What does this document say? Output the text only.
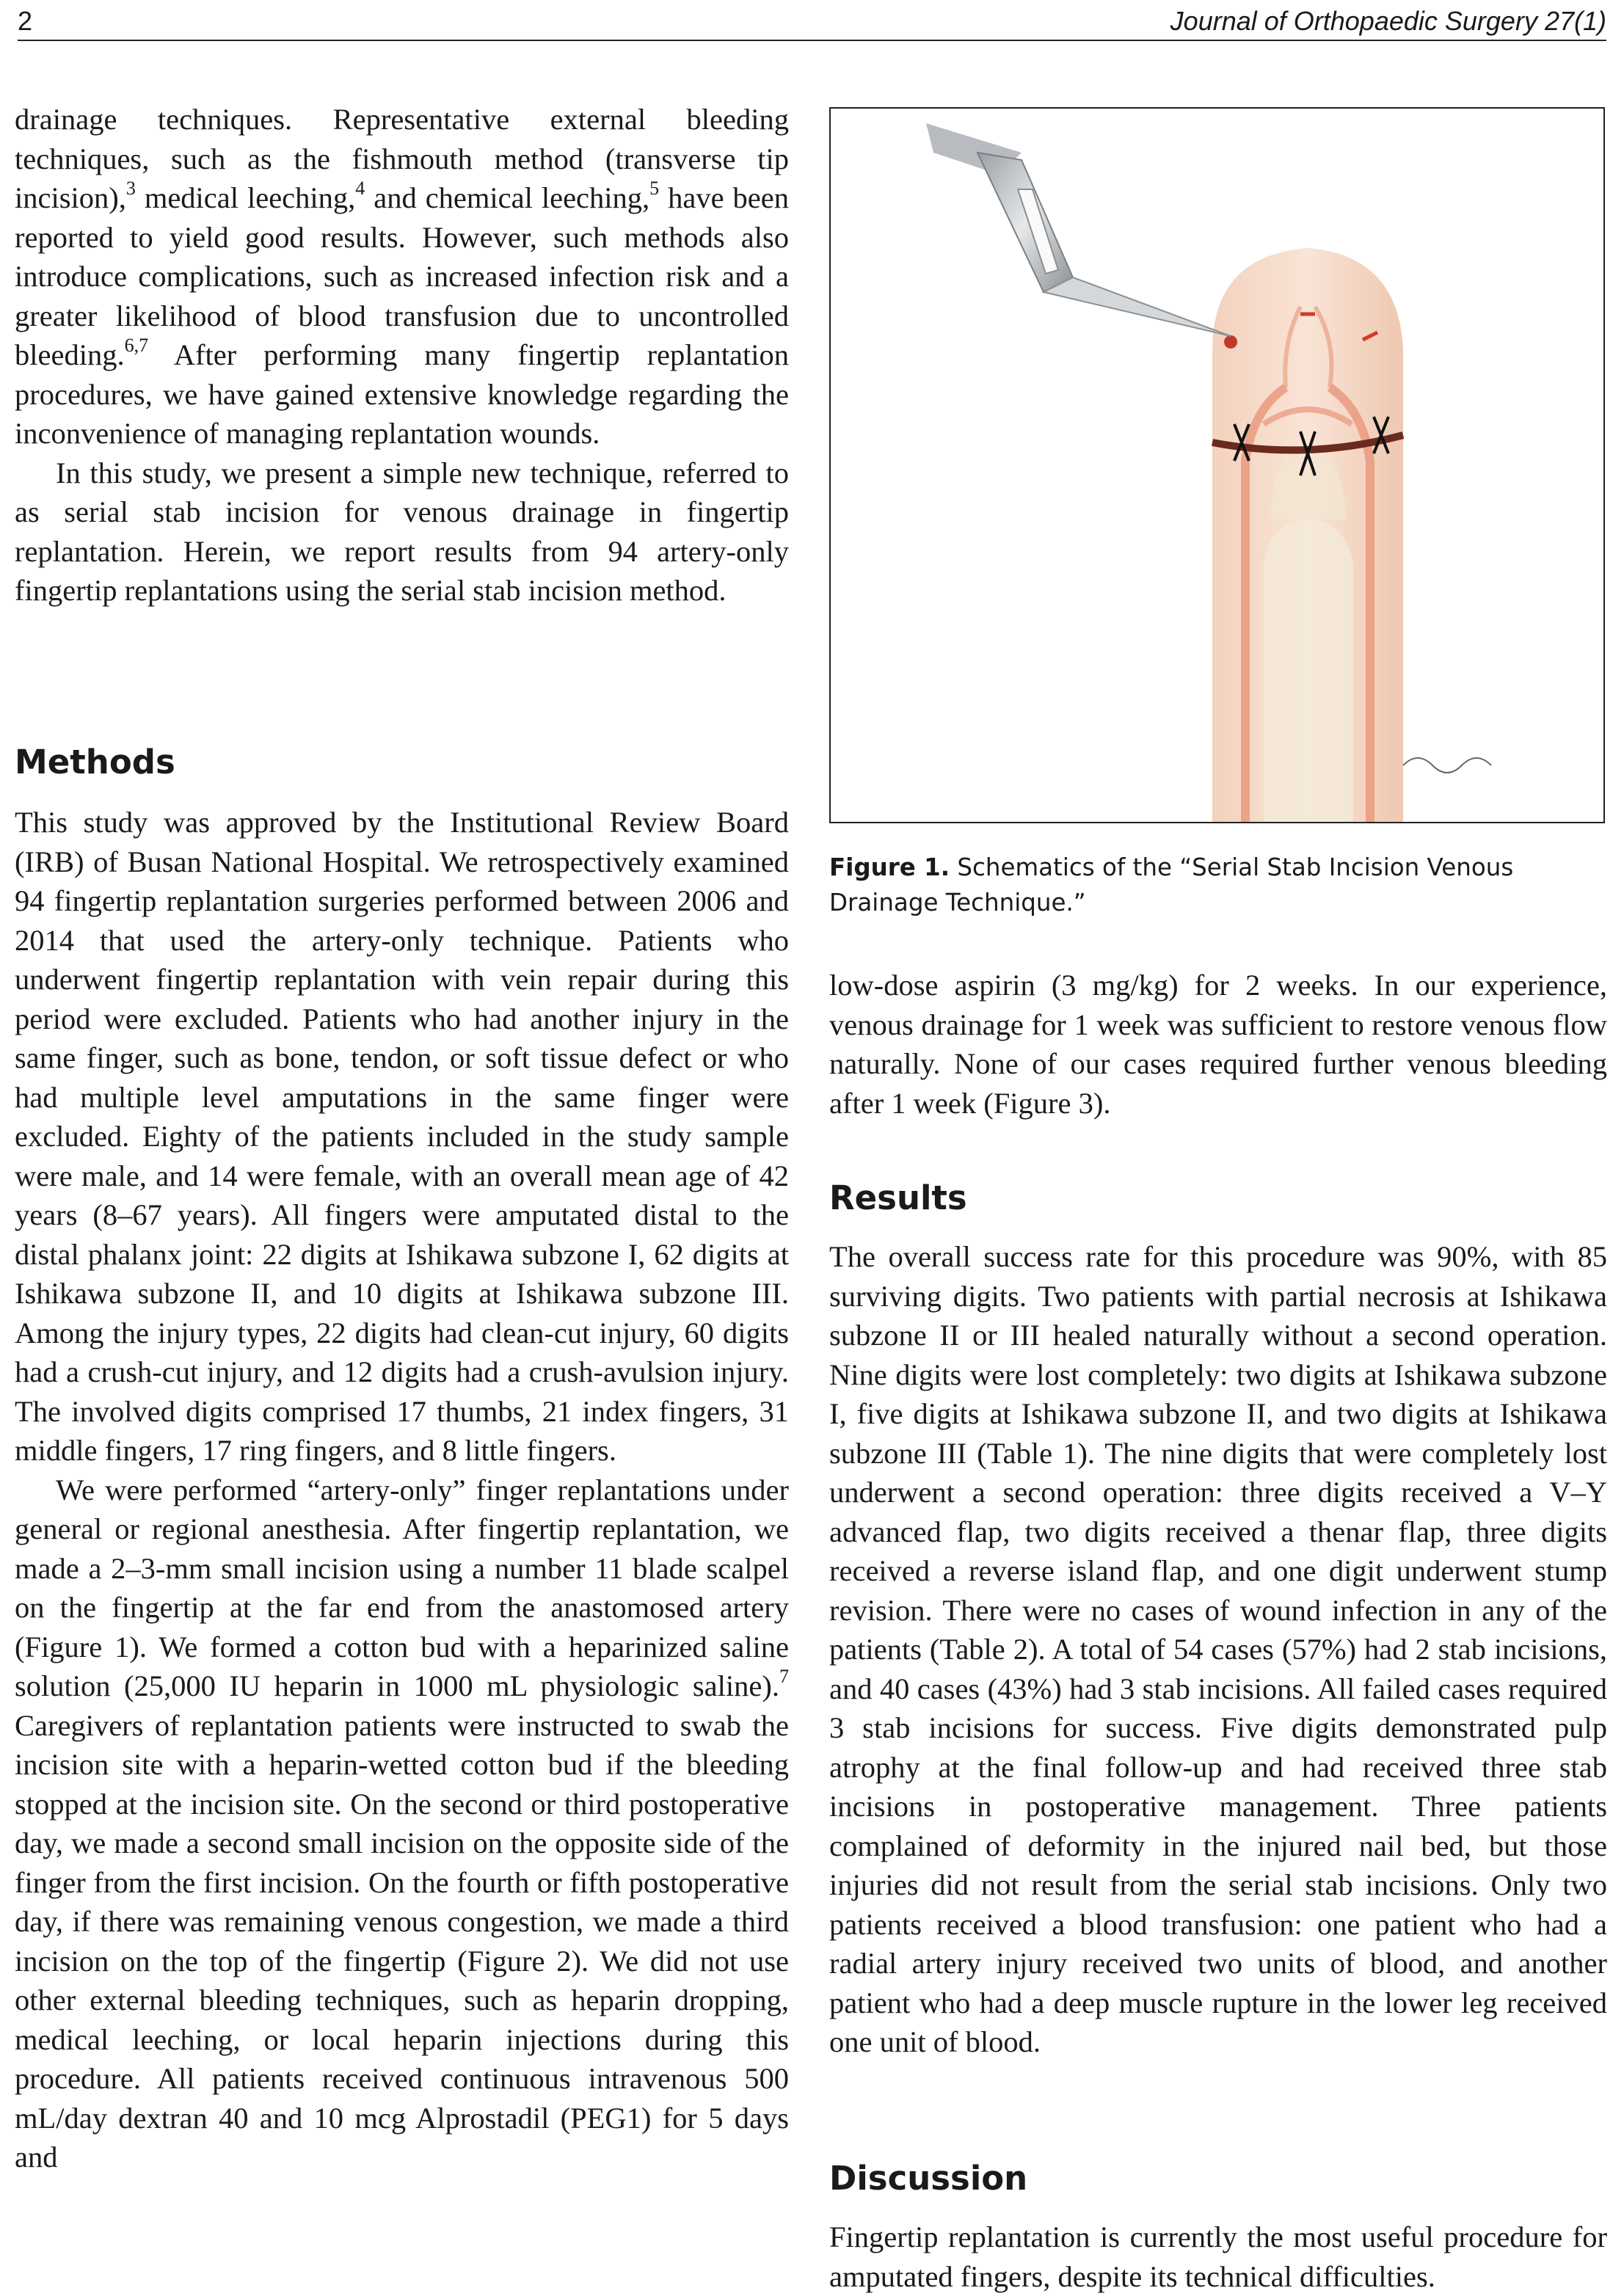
2	Journal of Orthopaedic Surgery 27(1)

drainage techniques. Representative external bleeding techniques, such as the fishmouth method (transverse tip incision),$^3$ medical leeching,$^4$ and chemical leeching,$^5$ have been reported to yield good results. However, such methods also introduce complications, such as increased infection risk and a greater likelihood of blood transfusion due to uncontrolled bleeding.$^{6,7}$ After performing many fingertip replantation procedures, we have gained extensive knowledge regarding the inconvenience of managing replantation wounds.

In this study, we present a simple new technique, referred to as serial stab incision for venous drainage in fingertip replantation. Herein, we report results from 94 artery-only fingertip replantations using the serial stab incision method.

Methods

This study was approved by the Institutional Review Board (IRB) of Busan National Hospital. We retrospectively examined 94 fingertip replantation surgeries performed between 2006 and 2014 that used the artery-only technique. Patients who underwent fingertip replantation with vein repair during this period were excluded. Patients who had another injury in the same finger, such as bone, tendon, or soft tissue defect or who had multiple level amputations in the same finger were excluded. Eighty of the patients included in the study sample were male, and 14 were female, with an overall mean age of 42 years (8–67 years). All fingers were amputated distal to the distal phalanx joint: 22 digits at Ishikawa subzone I, 62 digits at Ishikawa subzone II, and 10 digits at Ishikawa subzone III. Among the injury types, 22 digits had clean-cut injury, 60 digits had a crush-cut injury, and 12 digits had a crush-avulsion injury. The involved digits comprised 17 thumbs, 21 index fingers, 31 middle fingers, 17 ring fingers, and 8 little fingers.

We were performed “artery-only” finger replantations under general or regional anesthesia. After fingertip replantation, we made a 2–3-mm small incision using a number 11 blade scalpel on the fingertip at the far end from the anastomosed artery (Figure 1). We formed a cotton bud with a heparinized saline solution (25,000 IU heparin in 1000 mL physiologic saline).$^7$ Caregivers of replantation patients were instructed to swab the incision site with a heparin-wetted cotton bud if the bleeding stopped at the incision site. On the second or third postoperative day, we made a second small incision on the opposite side of the finger from the first incision. On the fourth or fifth postoperative day, if there was remaining venous congestion, we made a third incision on the top of the fingertip (Figure 2). We did not use other external bleeding techniques, such as heparin dropping, medical leeching, or local heparin injections during this procedure. All patients received continuous intravenous 500 mL/day dextran 40 and 10 mcg Alprostadil (PEG1) for 5 days and

Figure 1. Schematics of the “Serial Stab Incision Venous Drainage Technique.”

low-dose aspirin (3 mg/kg) for 2 weeks. In our experience, venous drainage for 1 week was sufficient to restore venous flow naturally. None of our cases required further venous bleeding after 1 week (Figure 3).

Results

The overall success rate for this procedure was 90%, with 85 surviving digits. Two patients with partial necrosis at Ishikawa subzone II or III healed naturally without a second operation. Nine digits were lost completely: two digits at Ishikawa subzone I, five digits at Ishikawa subzone II, and two digits at Ishikawa subzone III (Table 1). The nine digits that were completely lost underwent a second operation: three digits received a V–Y advanced flap, two digits received a thenar flap, three digits received a reverse island flap, and one digit underwent stump revision. There were no cases of wound infection in any of the patients (Table 2). A total of 54 cases (57%) had 2 stab incisions, and 40 cases (43%) had 3 stab incisions. All failed cases required 3 stab incisions for success. Five digits demonstrated pulp atrophy at the final follow-up and had received three stab incisions in postoperative management. Three patients complained of deformity in the injured nail bed, but those injuries did not result from the serial stab incisions. Only two patients received a blood transfusion: one patient who had a radial artery injury received two units of blood, and another patient who had a deep muscle rupture in the lower leg received one unit of blood.

Discussion

Fingertip replantation is currently the most useful procedure for amputated fingers, despite its technical difficulties.
